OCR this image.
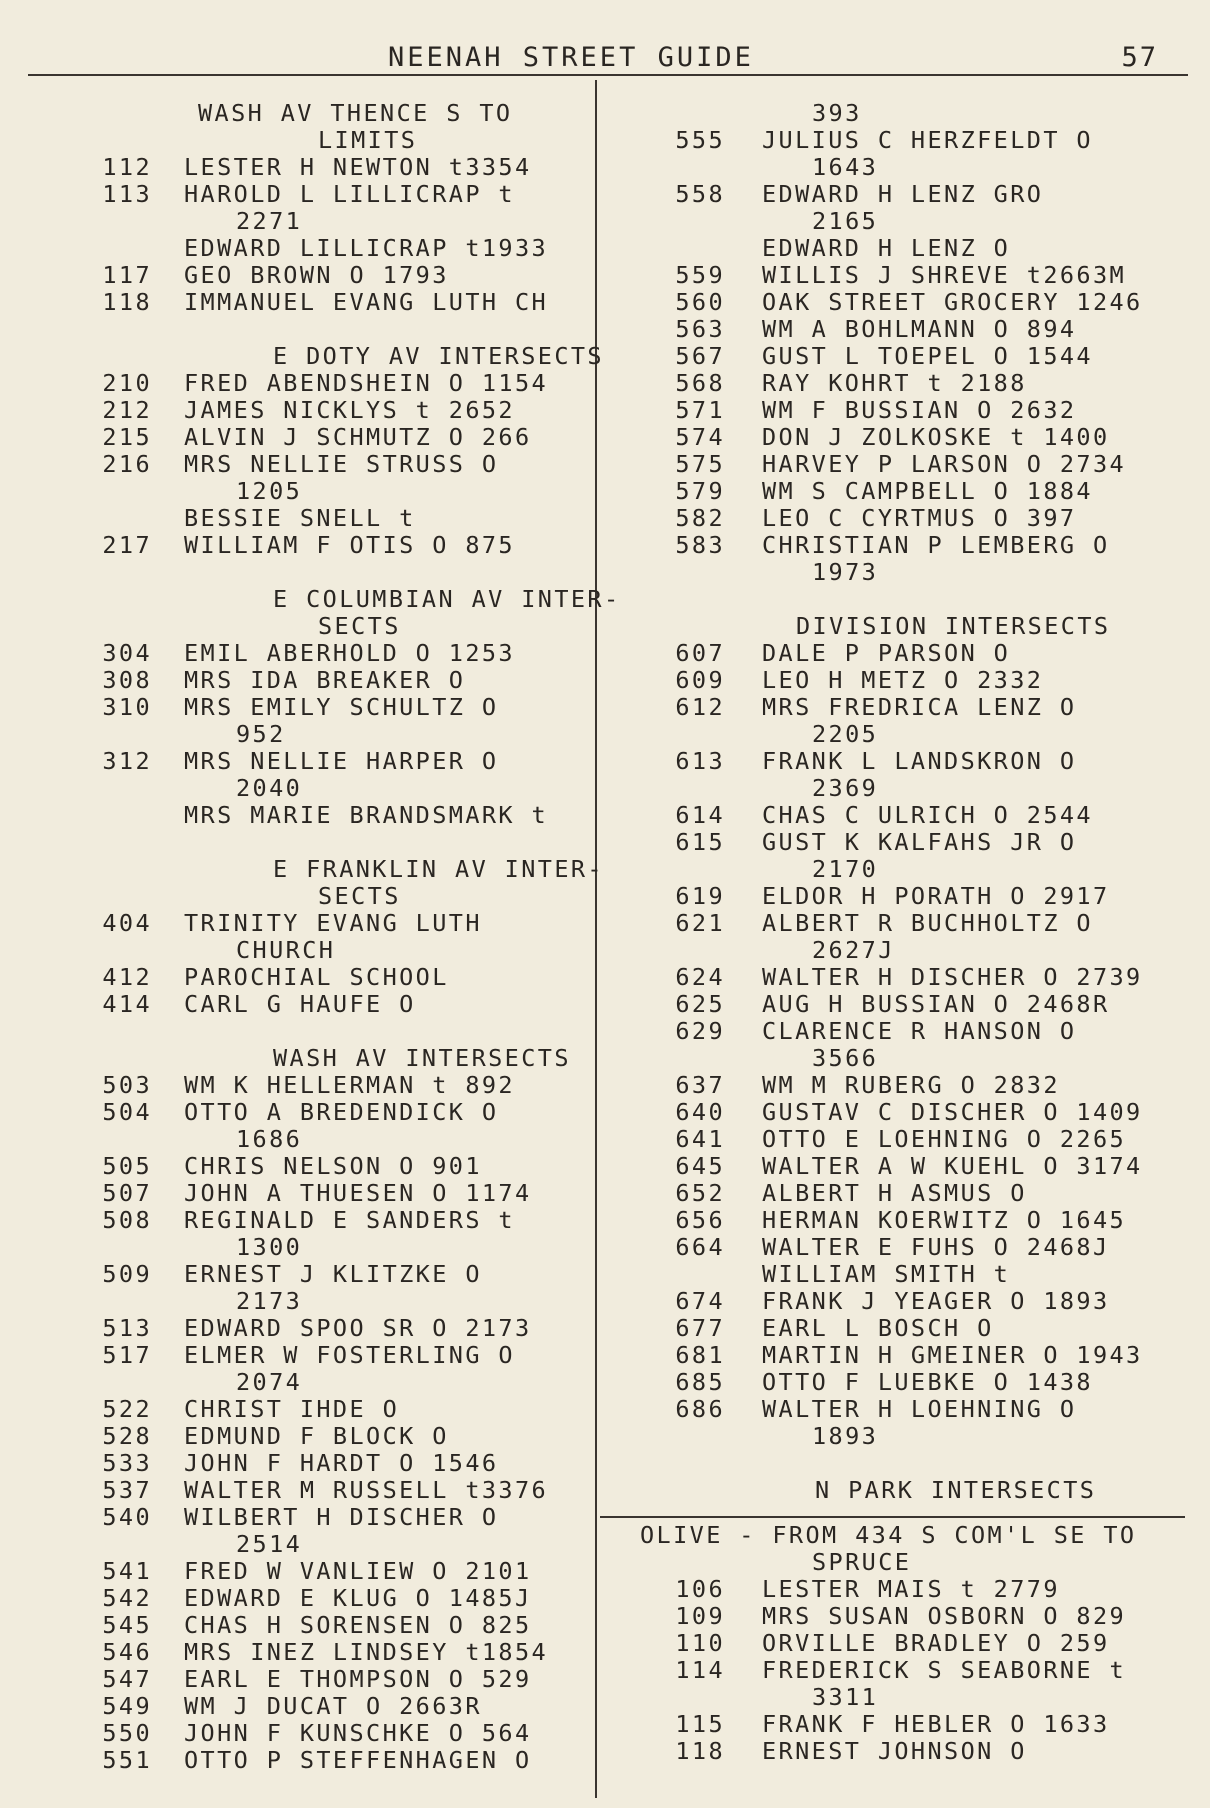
NEENAH STREET GUIDE	57
WASH AV THENCE S TO
LIMITS
112 LESTER H NEWTON t3354
113 HAROLD L LILLICRAP t
2271
EDWARD LILLICRAP t1933
117 GEO BROWN O 1793
118 IMMANUEL EVANG LUTH CH
E DOTY AV INTERSECTS
210 FRED ABENDSHEIN O 1154
212 JAMES NICKLYS t 2652
215 ALVIN J SCHMUTZ O 266
216 MRS NELLIE STRUSS O
1205
BESSIE SNELL t
217 WILLIAM F OTIS O 875
E COLUMBIAN AV INTER-
SECTS
304 EMIL ABERHOLD O 1253
308 MRS IDA BREAKER O
310 MRS EMILY SCHULTZ O
952
312 MRS NELLIE HARPER O
2040
MRS MARIE BRANDSMARK t
E FRANKLIN AV INTER-
SECTS
404 TRINITY EVANG LUTH
CHURCH
412 PAROCHIAL SCHOOL
414 CARL G HAUFE O
WASH AV INTERSECTS
503 WM K HELLERMAN t 892
504 OTTO A BREDENDICK O
1686
505 CHRIS NELSON O 901
507 JOHN A THUESEN O 1174
508 REGINALD E SANDERS t
1300
509 ERNEST J KLITZKE O
2173
513 EDWARD SPOO SR O 2173
517 ELMER W FOSTERLING O
2074
522 CHRIST IHDE O
528 EDMUND F BLOCK O
533 JOHN F HARDT O 1546
537 WALTER M RUSSELL t3376
540 WILBERT H DISCHER O
2514
541 FRED W VANLIEW O 2101
542 EDWARD E KLUG O 1485J
545 CHAS H SORENSEN O 825
546 MRS INEZ LINDSEY t1854
547 EARL E THOMPSON O 529
549 WM J DUCAT O 2663R
550 JOHN F KUNSCHKE O 564
551 OTTO P STEFFENHAGEN O
393
555 JULIUS C HERZFELDT O
1643
558 EDWARD H LENZ GRO
2165
EDWARD H LENZ O
559 WILLIS J SHREVE t2663M
560 OAK STREET GROCERY 1246
563 WM A BOHLMANN O 894
567 GUST L TOEPEL O 1544
568 RAY KOHRT t 2188
571 WM F BUSSIAN O 2632
574 DON J ZOLKOSKE t 1400
575 HARVEY P LARSON O 2734
579 WM S CAMPBELL O 1884
582 LEO C CYRTMUS O 397
583 CHRISTIAN P LEMBERG O
1973
DIVISION INTERSECTS
607 DALE P PARSON O
609 LEO H METZ O 2332
612 MRS FREDRICA LENZ O
2205
613 FRANK L LANDSKRON O
2369
614 CHAS C ULRICH O 2544
615 GUST K KALFAHS JR O
2170
619 ELDOR H PORATH O 2917
621 ALBERT R BUCHHOLTZ O
2627J
624 WALTER H DISCHER O 2739
625 AUG H BUSSIAN O 2468R
629 CLARENCE R HANSON O
3566
637 WM M RUBERG O 2832
640 GUSTAV C DISCHER O 1409
641 OTTO E LOEHNING O 2265
645 WALTER A W KUEHL O 3174
652 ALBERT H ASMUS O
656 HERMAN KOERWITZ O 1645
664 WALTER E FUHS O 2468J
WILLIAM SMITH t
674 FRANK J YEAGER O 1893
677 EARL L BOSCH O
681 MARTIN H GMEINER O 1943
685 OTTO F LUEBKE O 1438
686 WALTER H LOEHNING O
1893
N PARK INTERSECTS
OLIVE - FROM 434 S COM'L SE TO
SPRUCE
106 LESTER MAIS t 2779
109 MRS SUSAN OSBORN O 829
110 ORVILLE BRADLEY O 259
114 FREDERICK S SEABORNE t
3311
115 FRANK F HEBLER O 1633
118 ERNEST JOHNSON O
